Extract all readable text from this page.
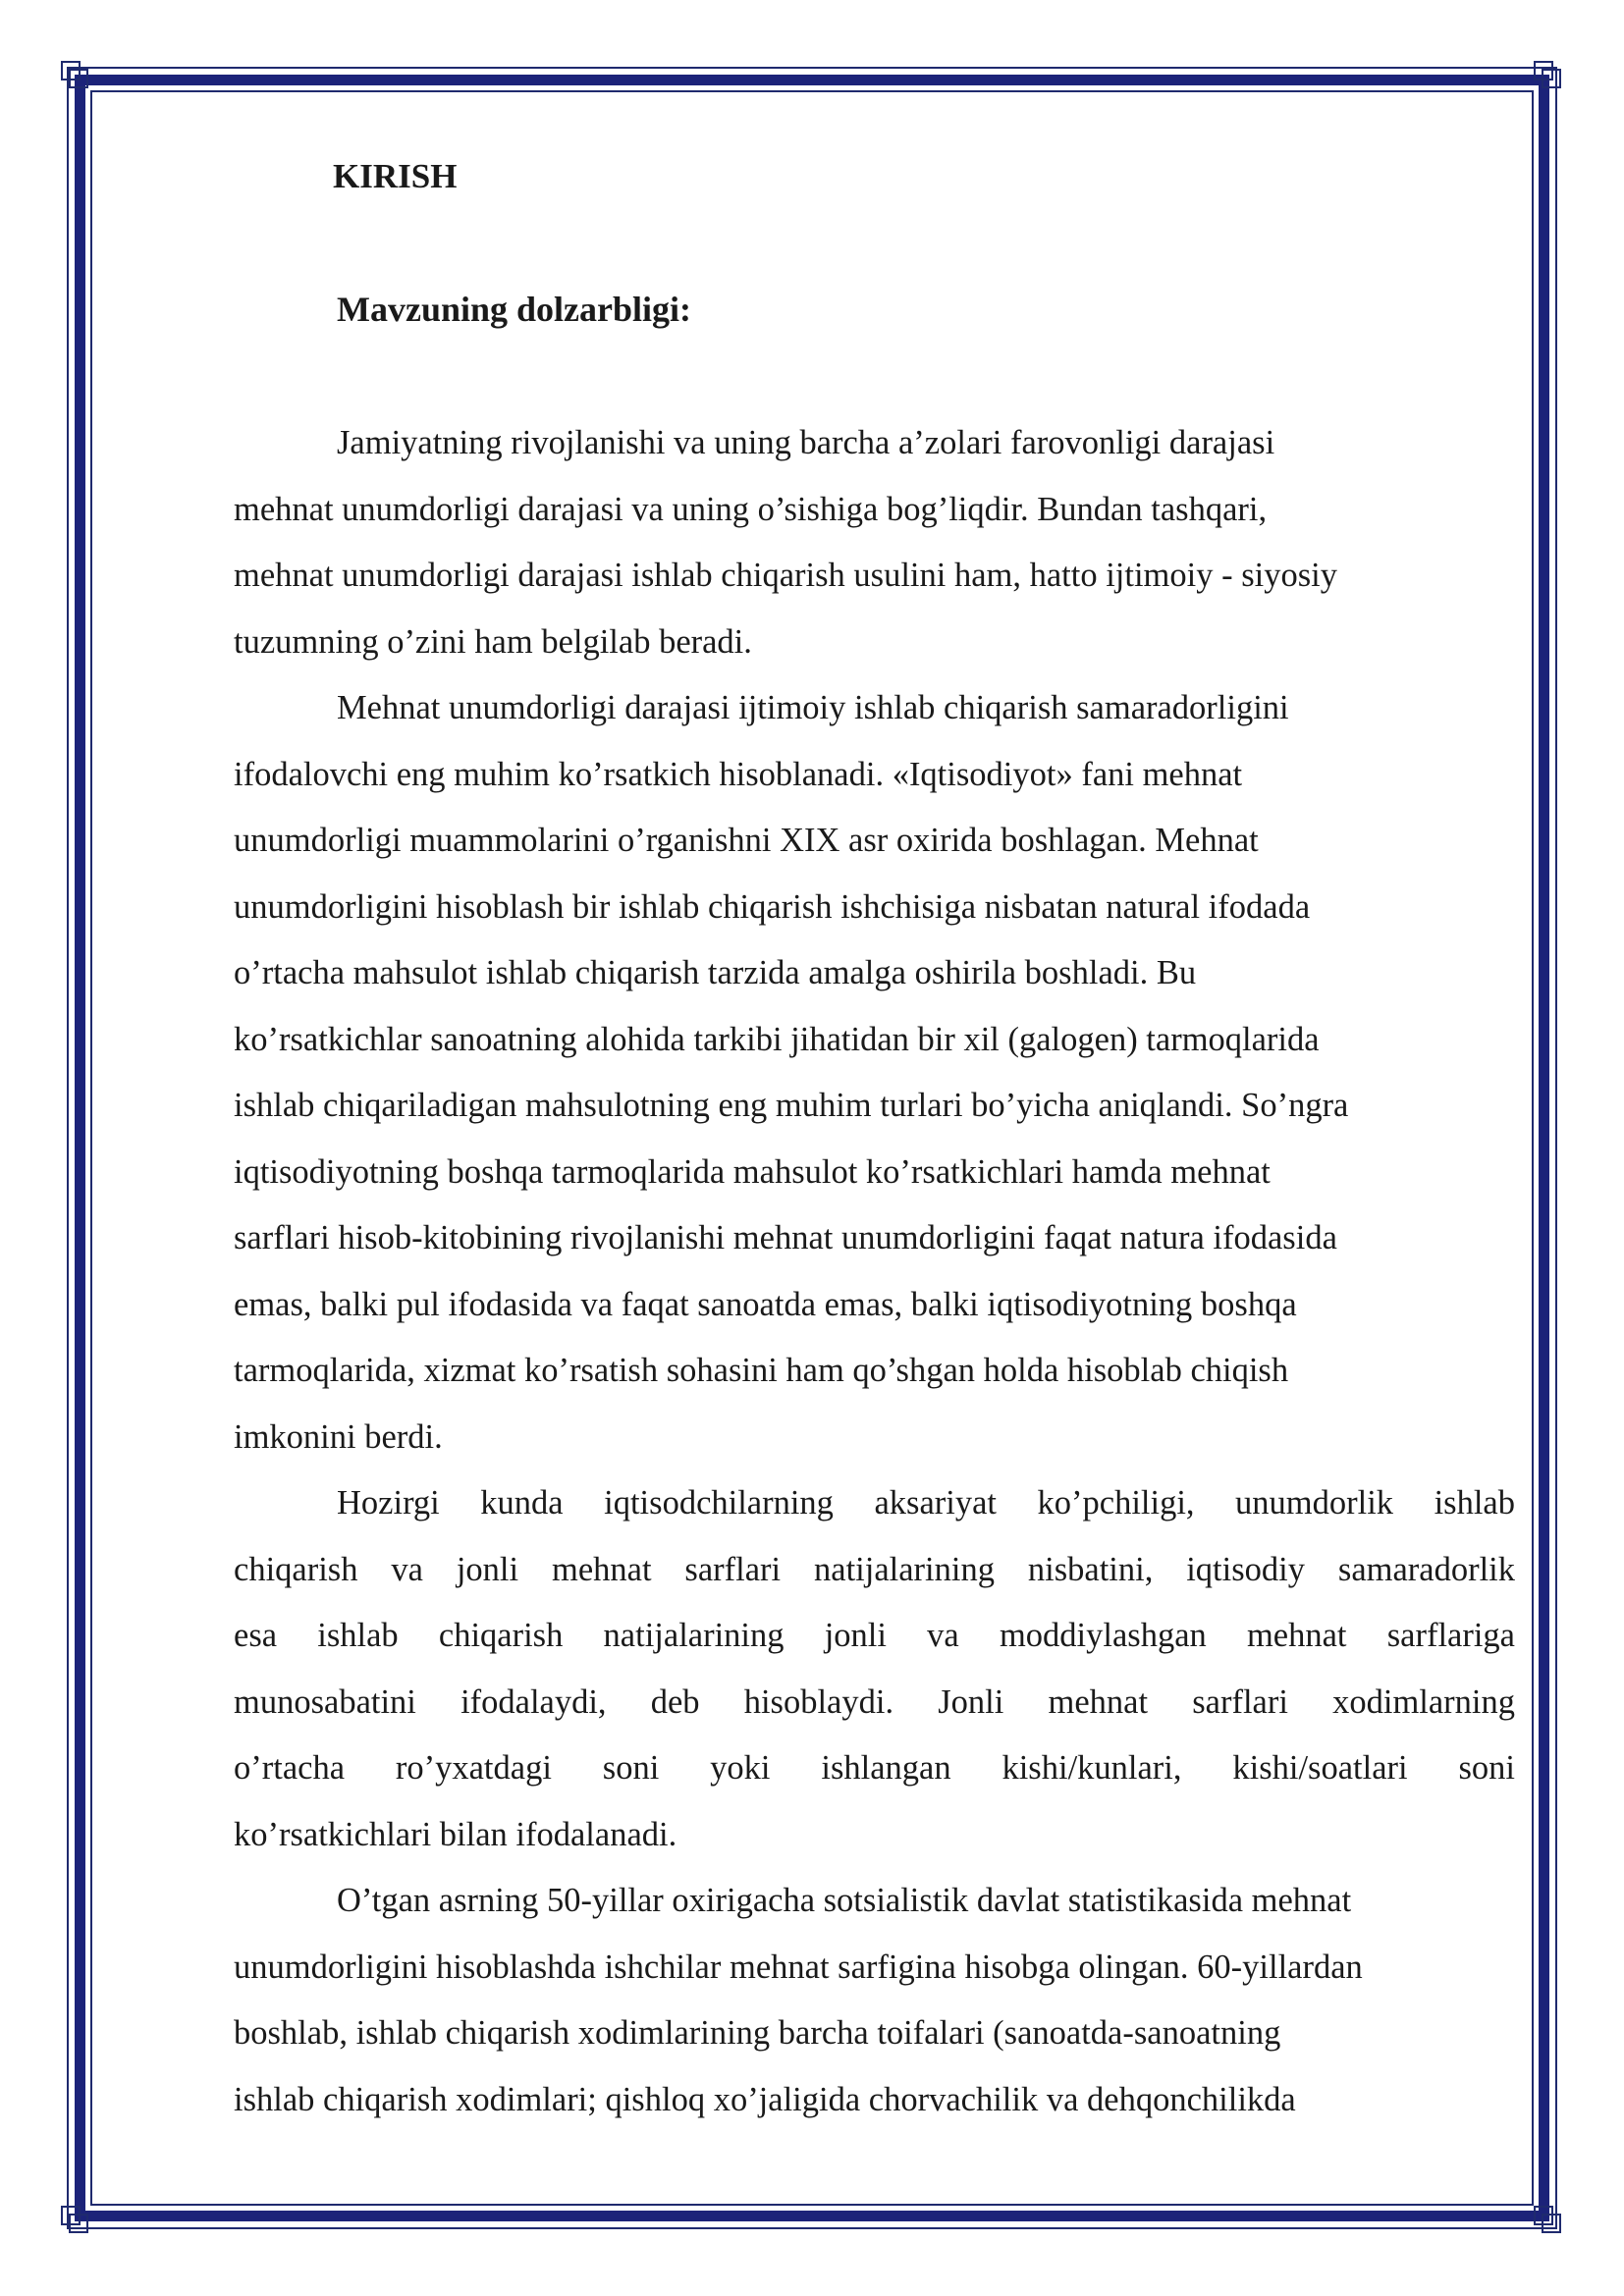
KIRISH
Mavzuning dolzarbligi:

Jamiyatning rivojlanishi va uning barcha a’zolari farovonligi darajasi
mehnat unumdorligi darajasi va uning o’sishiga bog’liqdir. Bundan tashqari,
mehnat unumdorligi darajasi ishlab chiqarish usulini ham, hatto ijtimoiy - siyosiy
tuzumning o’zini ham belgilab beradi.

Mehnat unumdorligi darajasi ijtimoiy ishlab chiqarish samaradorligini
ifodalovchi eng muhim ko’rsatkich hisoblanadi. «Iqtisodiyot» fani mehnat
unumdorligi muammolarini o’rganishni XIX asr oxirida boshlagan. Mehnat
unumdorligini hisoblash bir ishlab chiqarish ishchisiga nisbatan natural ifodada
o’rtacha mahsulot ishlab chiqarish tarzida amalga oshirila boshladi. Bu
ko’rsatkichlar sanoatning alohida tarkibi jihatidan bir xil (galogen) tarmoqlarida
ishlab chiqariladigan mahsulotning eng muhim turlari bo’yicha aniqlandi. So’ngra
iqtisodiyotning boshqa tarmoqlarida mahsulot ko’rsatkichlari hamda mehnat
sarflari hisob-kitobining rivojlanishi mehnat unumdorligini faqat natura ifodasida
emas, balki pul ifodasida va faqat sanoatda emas, balki iqtisodiyotning boshqa
tarmoqlarida, xizmat ko’rsatish sohasini ham qo’shgan holda hisoblab chiqish
imkonini berdi.

Hozirgi kunda iqtisodchilarning aksariyat ko’pchiligi, unumdorlik ishlab
chiqarish va jonli mehnat sarflari natijalarining nisbatini, iqtisodiy samaradorlik
esa ishlab chiqarish natijalarining jonli va moddiylashgan mehnat sarflariga
munosabatini ifodalaydi, deb hisoblaydi. Jonli mehnat sarflari xodimlarning
o’rtacha ro’yxatdagi soni yoki ishlangan kishi/kunlari, kishi/soatlari soni
ko’rsatkichlari bilan ifodalanadi.

O’tgan asrning 50-yillar oxirigacha sotsialistik davlat statistikasida mehnat
unumdorligini hisoblashda ishchilar mehnat sarfigina hisobga olingan. 60-yillardan
boshlab, ishlab chiqarish xodimlarining barcha toifalari (sanoatda-sanoatning
ishlab chiqarish xodimlari; qishloq xo’jaligida chorvachilik va dehqonchilikda
